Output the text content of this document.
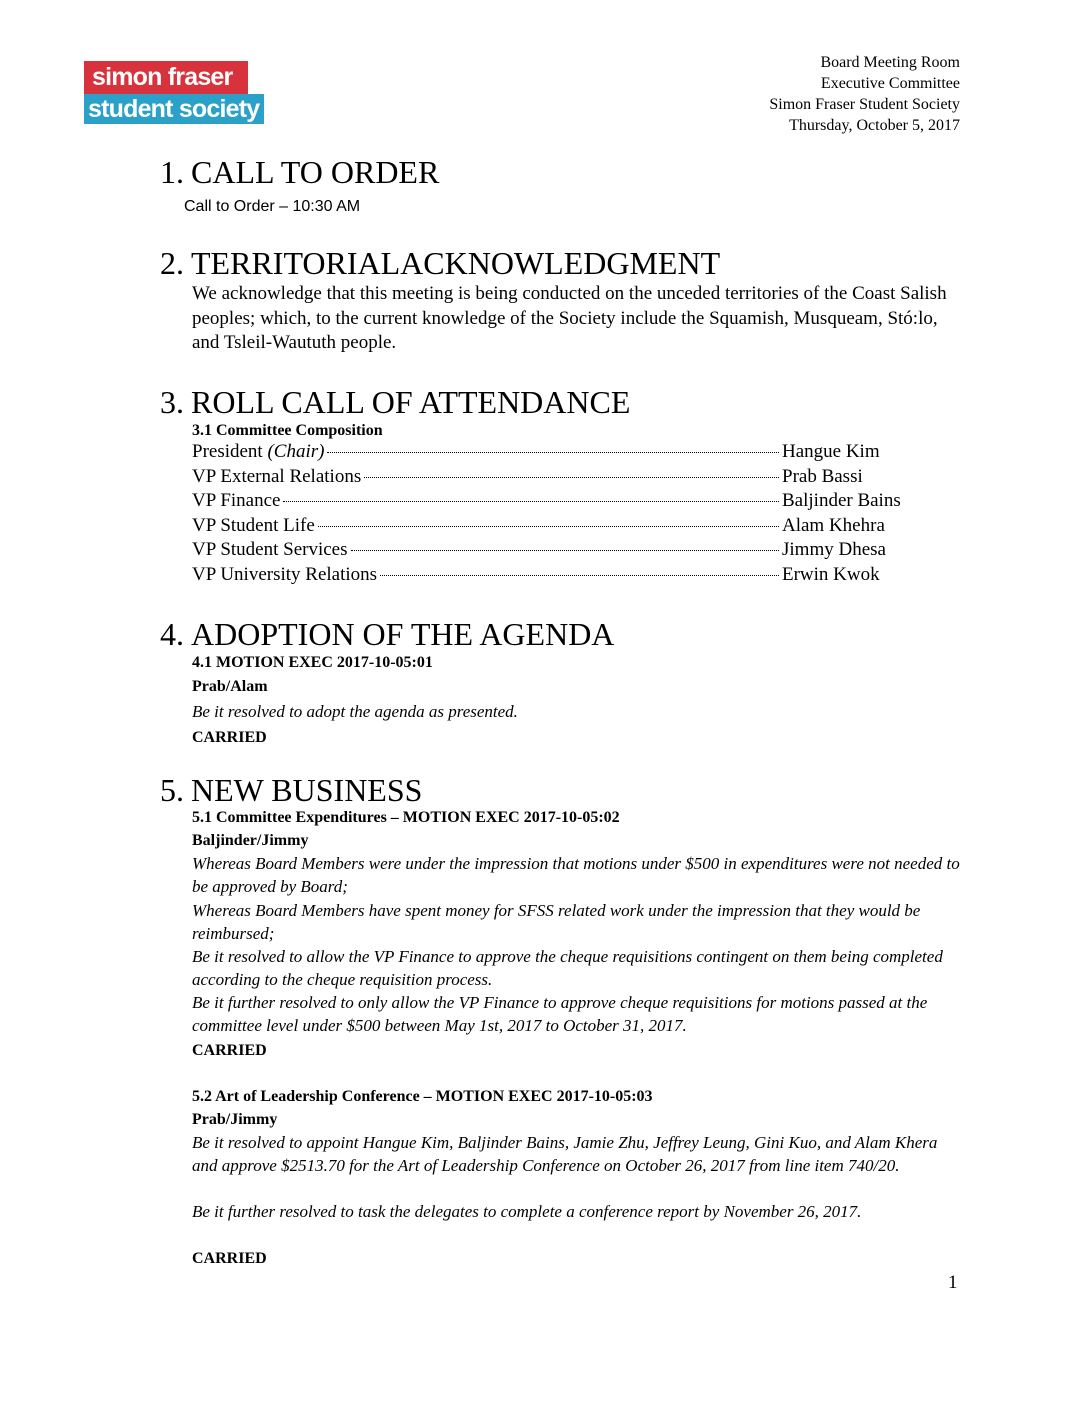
simon fraser
student society
Board Meeting Room
Executive Committee
Simon Fraser Student Society
Thursday, October 5, 2017
1. CALL TO ORDER
Call to Order – 10:30 AM
2. TERRITORIALACKNOWLEDGMENT
We acknowledge that this meeting is being conducted on the unceded territories of the Coast Salish peoples; which, to the current knowledge of the Society include the Squamish, Musqueam, Stó:lo, and Tsleil-Waututh people.
3. ROLL CALL OF ATTENDANCE
3.1 Committee Composition
President (Chair)	Hangue Kim
VP External Relations	Prab Bassi
VP Finance	Baljinder Bains
VP Student Life	Alam Khehra
VP Student Services	Jimmy Dhesa
VP University Relations	Erwin Kwok
4. ADOPTION OF THE AGENDA
4.1 MOTION EXEC 2017-10-05:01
Prab/Alam
Be it resolved to adopt the agenda as presented.
CARRIED
5. NEW BUSINESS
5.1 Committee Expenditures – MOTION EXEC 2017-10-05:02
Baljinder/Jimmy
Whereas Board Members were under the impression that motions under $500 in expenditures were not needed to be approved by Board;
Whereas Board Members have spent money for SFSS related work under the impression that they would be reimbursed;
Be it resolved to allow the VP Finance to approve the cheque requisitions contingent on them being completed according to the cheque requisition process.
Be it further resolved to only allow the VP Finance to approve cheque requisitions for motions passed at the committee level under $500 between May 1st, 2017 to October 31, 2017.
CARRIED
5.2 Art of Leadership Conference – MOTION EXEC 2017-10-05:03
Prab/Jimmy
Be it resolved to appoint Hangue Kim, Baljinder Bains, Jamie Zhu, Jeffrey Leung, Gini Kuo, and Alam Khera and approve $2513.70 for the Art of Leadership Conference on October 26, 2017 from line item 740/20.
Be it further resolved to task the delegates to complete a conference report by November 26, 2017.
CARRIED
1
